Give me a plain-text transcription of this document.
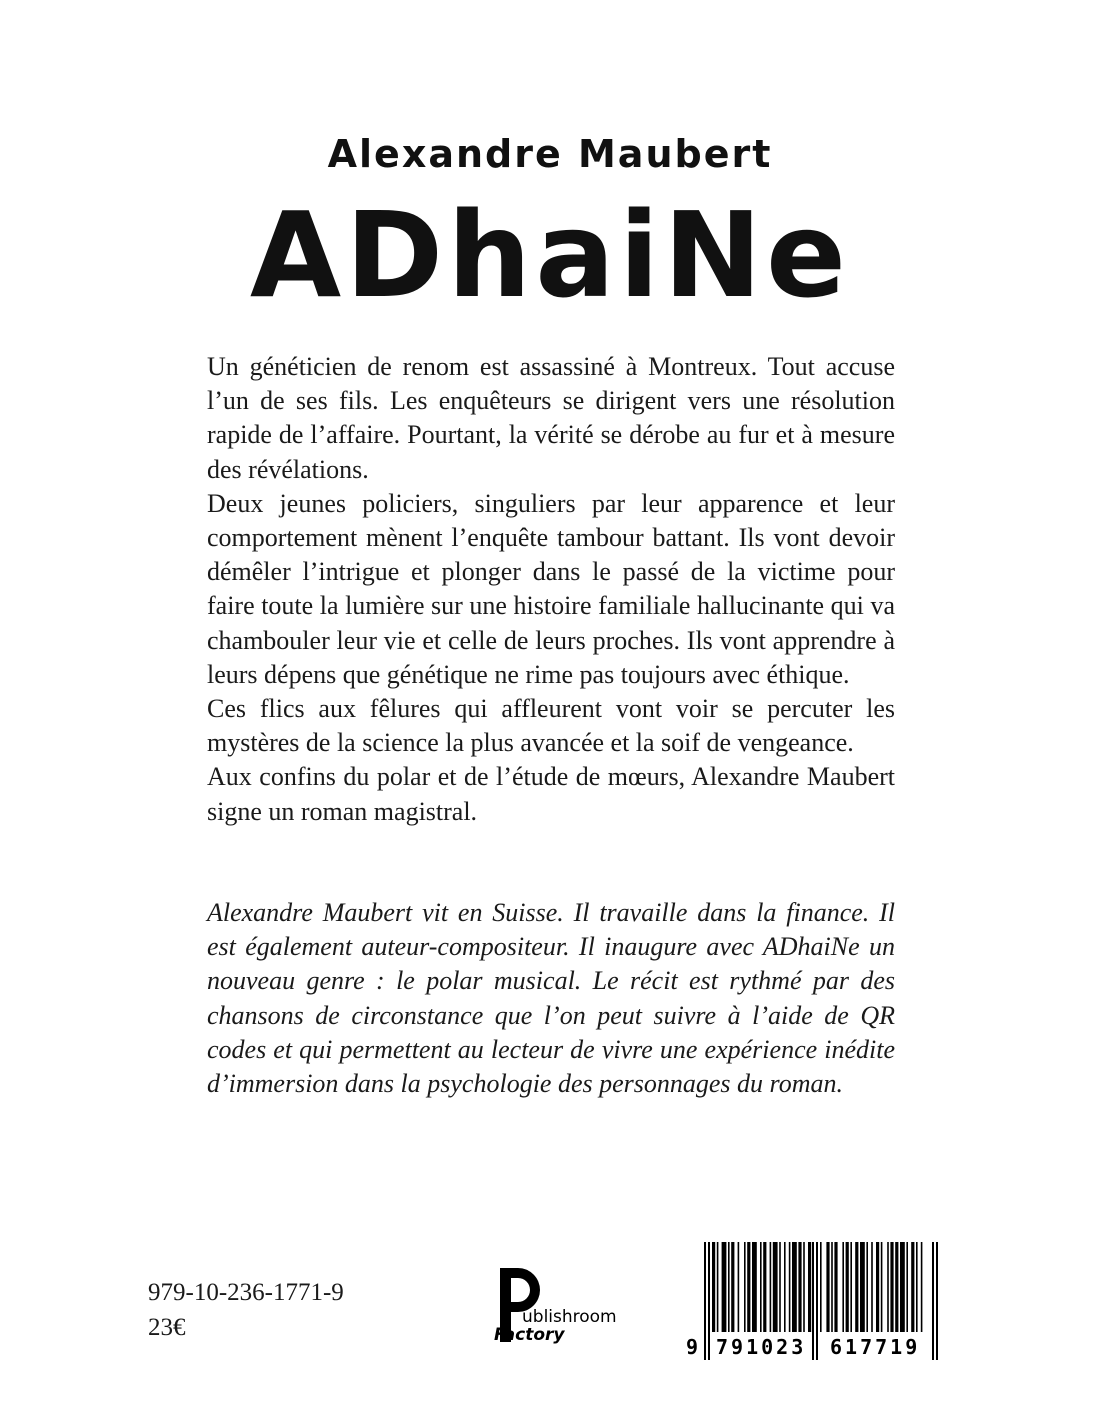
Alexandre Maubert
ADhaiNe

Un généticien de renom est assassiné à Montreux. Tout accuse l’un de ses fils. Les enquêteurs se dirigent vers une résolution rapide de l’affaire. Pourtant, la vérité se dérobe au fur et à mesure des révélations.

Deux jeunes policiers, singuliers par leur apparence et leur comportement mènent l’enquête tambour battant. Ils vont devoir démêler l’intrigue et plonger dans le passé de la victime pour faire toute la lumière sur une histoire familiale hallucinante qui va chambouler leur vie et celle de leurs proches. Ils vont apprendre à leurs dépens que génétique ne rime pas toujours avec éthique.

Ces flics aux fêlures qui affleurent vont voir se percuter les mystères de la science la plus avancée et la soif de vengeance.

Aux confins du polar et de l’étude de mœurs, Alexandre Maubert signe un roman magistral.

Alexandre Maubert vit en Suisse. Il travaille dans la finance. Il est également auteur-compositeur. Il inaugure avec ADhaiNe un nouveau genre : le polar musical. Le récit est rythmé par des chansons de circonstance que l’on peut suivre à l’aide de QR codes et qui permettent au lecteur de vivre une expérience inédite d’immersion dans la psychologie des personnages du roman.

979-10-236-1771-9
23€	ublishroom
Factory	9 791023 617719
